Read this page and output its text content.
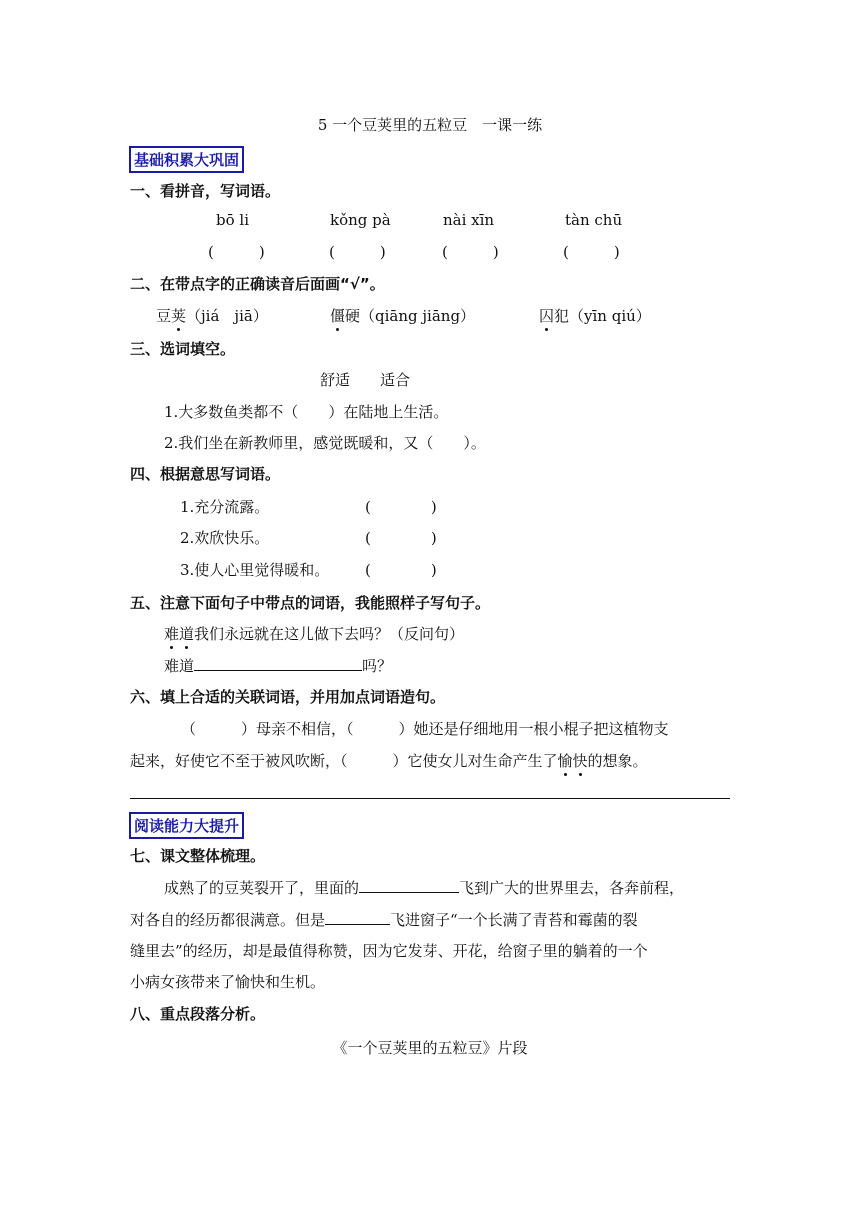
5 一个豆荚里的五粒豆　一课一练
基础积累大巩固
一、看拼音，写词语。
bō li	kǒng pà	nài xīn	tàn chū
(　　　)	(　　　)	(　　　)	(　　　)
二、在带点字的正确读音后面画“√”。
豆荚（jiá　jiā）	僵硬（qiāng jiāng）	囚犯（yīn qiú）
三、选词填空。
舒适　　适合
1.大多数鱼类都不（　　）在陆地上生活。
2.我们坐在新教师里，感觉既暖和，又（　　）。
四、根据意思写词语。
1.充分流露。	(　　　　)
2.欢欣快乐。	(　　　　)
3.使人心里觉得暖和。 (　　　　)
五、注意下面句子中带点的词语，我能照样子写句子。
难道我们永远就在这儿做下去吗？（反问句）
难道	吗？
六、填上合适的关联词语，并用加点词语造句。
（　　　）母亲不相信，（　　　）她还是仔细地用一根小棍子把这植物支
起来，好使它不至于被风吹断，（　　　）它使女儿对生命产生了愉快的想象。
阅读能力大提升
七、课文整体梳理。
成熟了的豆荚裂开了，里面的	飞到广大的世界里去，各奔前程，
对各自的经历都很满意。但是	飞进窗子“一个长满了青苔和霉菌的裂
缝里去”的经历，却是最值得称赞，因为它发芽、开花，给窗子里的躺着的一个
小病女孩带来了愉快和生机。
八、重点段落分析。
《一个豆荚里的五粒豆》片段
